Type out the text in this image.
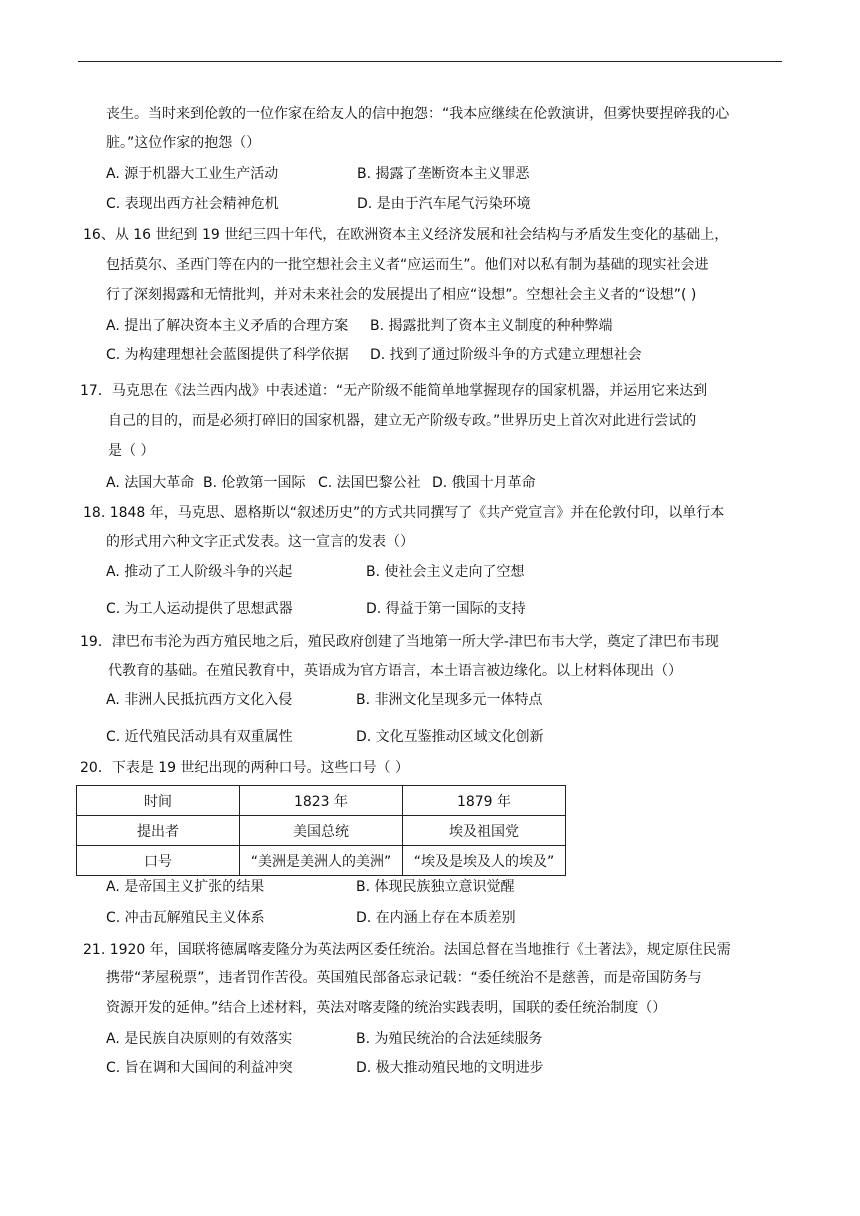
丧生。当时来到伦敦的一位作家在给友人的信中抱怨：“我本应继续在伦敦演讲，但雾快要捏碎我的心
脏。”这位作家的抱怨（）
A. 源于机器大工业生产活动	B. 揭露了垄断资本主义罪恶
C. 表现出西方社会精神危机	D. 是由于汽车尾气污染环境
16、从 16 世纪到 19 世纪三四十年代，在欧洲资本主义经济发展和社会结构与矛盾发生变化的基础上，
包括莫尔、圣西门等在内的一批空想社会主义者“应运而生”。他们对以私有制为基础的现实社会进
行了深刻揭露和无情批判，并对未来社会的发展提出了相应“设想”。空想社会主义者的“设想”( )
A. 提出了解决资本主义矛盾的合理方案 B. 揭露批判了资本主义制度的种种弊端
C. 为构建理想社会蓝图提供了科学依据 D. 找到了通过阶级斗争的方式建立理想社会
17．马克思在《法兰西内战》中表述道：“无产阶级不能简单地掌握现存的国家机器，并运用它来达到
自己的目的，而是必须打碎旧的国家机器，建立无产阶级专政。”世界历史上首次对此进行尝试的
是（ ）
A. 法国大革命 B. 伦敦第一国际 C. 法国巴黎公社 D. 俄国十月革命
18. 1848 年，马克思、恩格斯以“叙述历史”的方式共同撰写了《共产党宣言》并在伦敦付印，以单行本
的形式用六种文字正式发表。这一宣言的发表（）
A. 推动了工人阶级斗争的兴起	B. 使社会主义走向了空想
C. 为工人运动提供了思想武器	D. 得益于第一国际的支持
19．津巴布韦沦为西方殖民地之后，殖民政府创建了当地第一所大学-津巴布韦大学，奠定了津巴布韦现
代教育的基础。在殖民教育中，英语成为官方语言，本土语言被边缘化。以上材料体现出（）
A. 非洲人民抵抗西方文化入侵	B. 非洲文化呈现多元一体特点
C. 近代殖民活动具有双重属性	D. 文化互鉴推动区域文化创新
20．下表是 19 世纪出现的两种口号。这些口号（ ）
时间	1823 年	1879 年
提出者	美国总统	埃及祖国党
口号	“美洲是美洲人的美洲”	“埃及是埃及人的埃及”
A. 是帝国主义扩张的结果	B. 体现民族独立意识觉醒
C. 冲击瓦解殖民主义体系	D. 在内涵上存在本质差别
21. 1920 年，国联将德属喀麦隆分为英法两区委任统治。法国总督在当地推行《土著法》，规定原住民需
携带“茅屋税票”，违者罚作苦役。英国殖民部备忘录记载：“委任统治不是慈善，而是帝国防务与
资源开发的延伸。”结合上述材料，英法对喀麦隆的统治实践表明，国联的委任统治制度（）
A. 是民族自决原则的有效落实	B. 为殖民统治的合法延续服务
C. 旨在调和大国间的利益冲突	D. 极大推动殖民地的文明进步
